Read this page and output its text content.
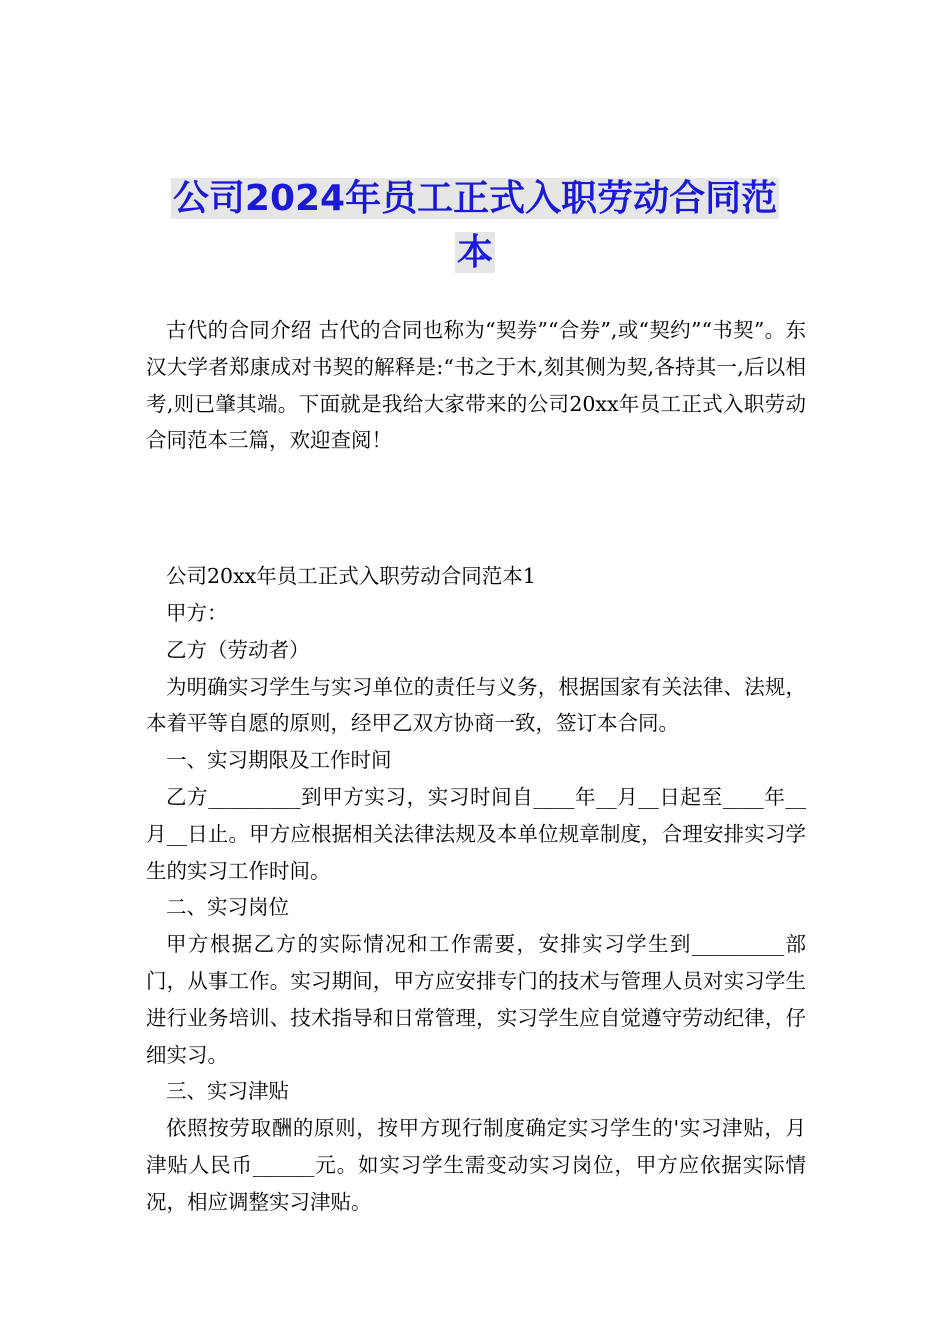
公司2024年员工正式入职劳动合同范
本

古代的合同介绍 古代的合同也称为“契券”“合券”,或“契约”“书契”。东汉大学者郑康成对书契的解释是:“书之于木,刻其侧为契,各持其一,后以相考,则已肇其端。下面就是我给大家带来的公司20xx年员工正式入职劳动合同范本三篇，欢迎查阅！

公司20xx年员工正式入职劳动合同范本1

甲方：

乙方（劳动者）

为明确实习学生与实习单位的责任与义务，根据国家有关法律、法规，本着平等自愿的原则，经甲乙双方协商一致，签订本合同。

一、实习期限及工作时间

乙方_________到甲方实习，实习时间自____年__月__日起至____年__月__日止。甲方应根据相关法律法规及本单位规章制度，合理安排实习学生的实习工作时间。

二、实习岗位

甲方根据乙方的实际情况和工作需要，安排实习学生到_________部门，从事工作。实习期间，甲方应安排专门的技术与管理人员对实习学生进行业务培训、技术指导和日常管理，实习学生应自觉遵守劳动纪律，仔细实习。

三、实习津贴

依照按劳取酬的原则，按甲方现行制度确定实习学生的'实习津贴，月津贴人民币______元。如实习学生需变动实习岗位，甲方应依据实际情况，相应调整实习津贴。
